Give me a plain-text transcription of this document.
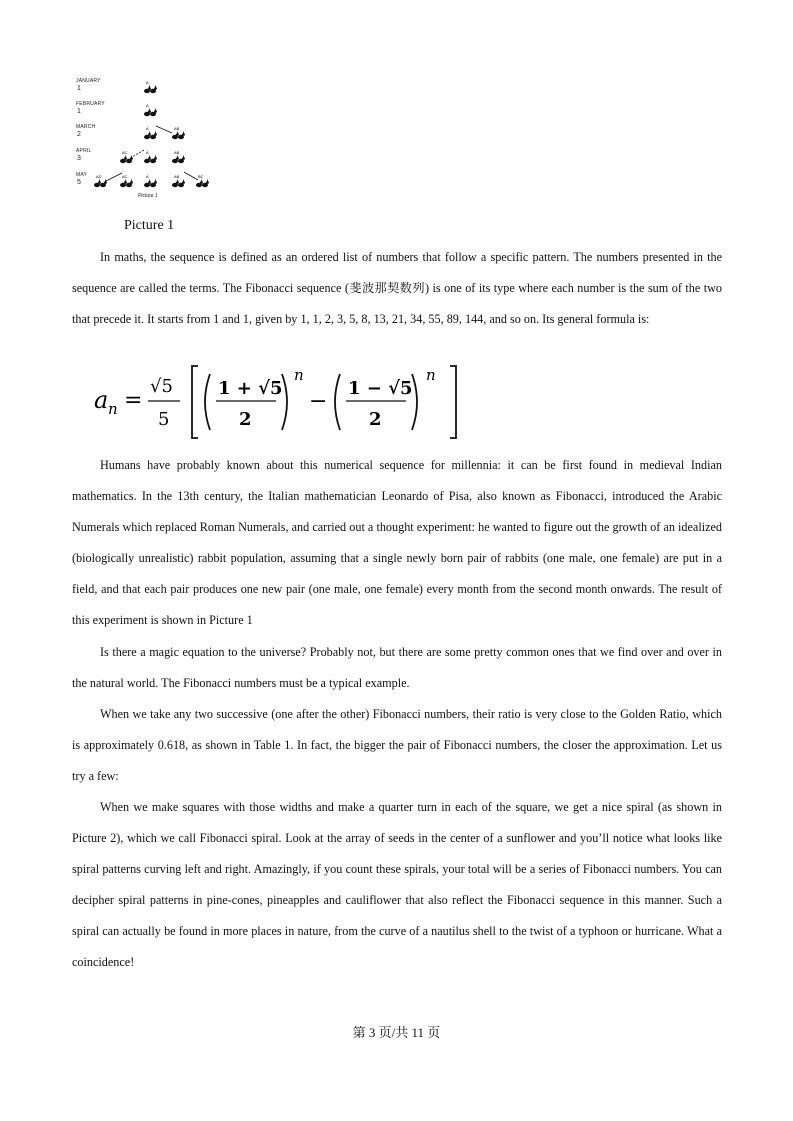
A
A
A	AB
AC	A	AB
AD	AC	A	AB	BC
JANUARY
1
FEBRUARY
1
MARCH
2
APRIL
3
MAY
5
Picture 1
Picture 1

In maths, the sequence is defined as an ordered list of numbers that follow a specific pattern. The numbers presented in the sequence are called the terms. The Fibonacci sequence (斐波那契数列) is one of its type where each number is the sum of the two that precede it. It starts from 1 and 1, given by 1, 1, 2, 3, 5, 8, 13, 21, 34, 55, 89, 144, and so on. Its general formula is:

a n =
√5
5
1 + √5
2
n
−
1 − √5
2
n

Humans have probably known about this numerical sequence for millennia: it can be first found in medieval Indian mathematics. In the 13th century, the Italian mathematician Leonardo of Pisa, also known as Fibonacci, introduced the Arabic Numerals which replaced Roman Numerals, and carried out a thought experiment: he wanted to figure out the growth of an idealized (biologically unrealistic) rabbit population, assuming that a single newly born pair of rabbits (one male, one female) are put in a field, and that each pair produces one new pair (one male, one female) every month from the second month onwards. The result of this experiment is shown in Picture 1

Is there a magic equation to the universe? Probably not, but there are some pretty common ones that we find over and over in the natural world. The Fibonacci numbers must be a typical example.

When we take any two successive (one after the other) Fibonacci numbers, their ratio is very close to the Golden Ratio, which is approximately 0.618, as shown in Table 1. In fact, the bigger the pair of Fibonacci numbers, the closer the approximation. Let us try a few:

When we make squares with those widths and make a quarter turn in each of the square, we get a nice spiral (as shown in Picture 2), which we call Fibonacci spiral. Look at the array of seeds in the center of a sunflower and you’ll notice what looks like spiral patterns curving left and right. Amazingly, if you count these spirals, your total will be a series of Fibonacci numbers. You can decipher spiral patterns in pine-cones, pineapples and cauliflower that also reflect the Fibonacci sequence in this manner. Such a spiral can actually be found in more places in nature, from the curve of a nautilus shell to the twist of a typhoon or hurricane. What a coincidence!

第 3 页/共 11 页
